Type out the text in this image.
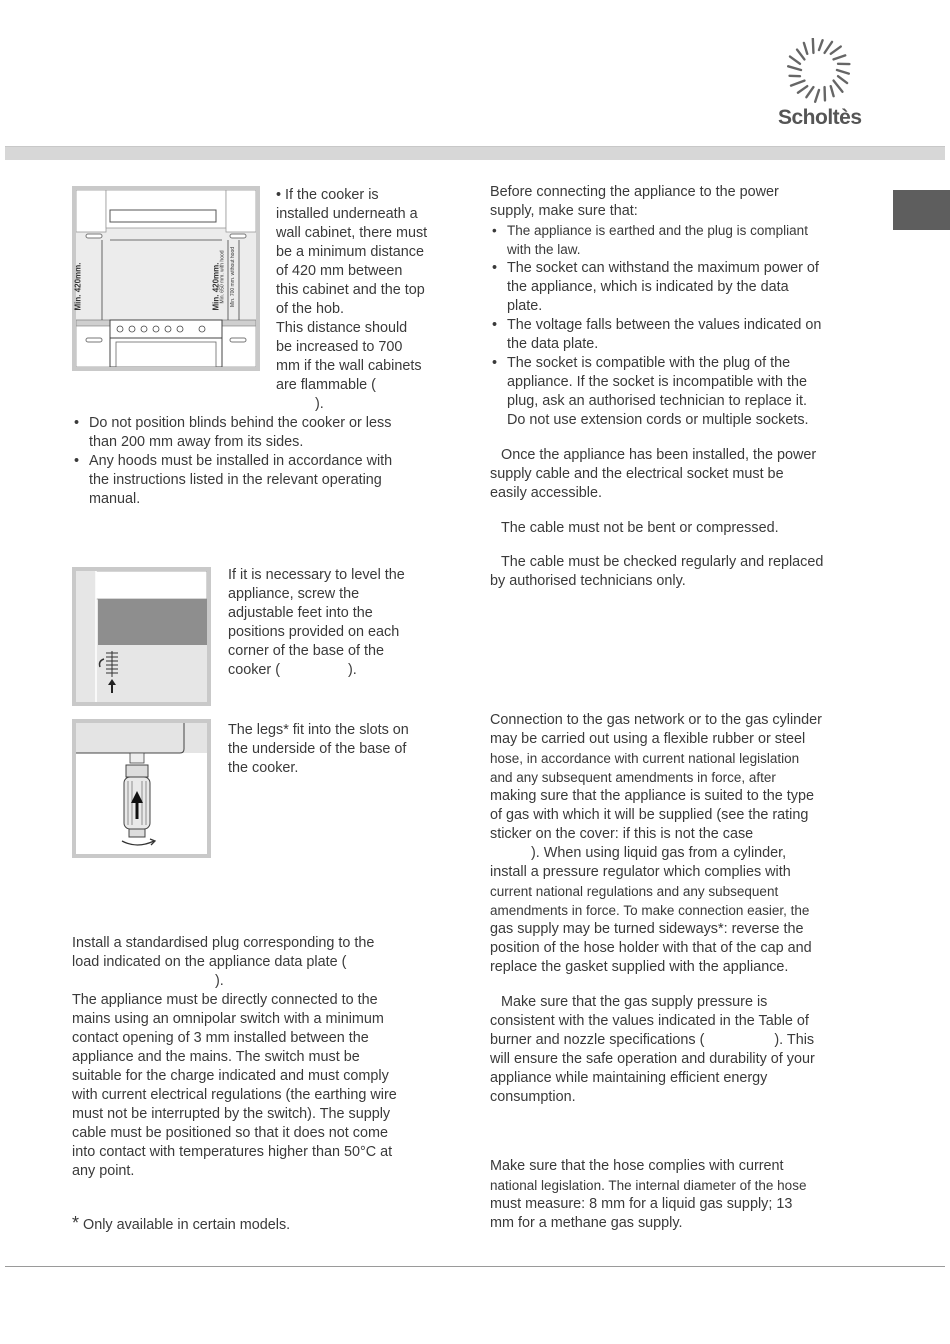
Scholtès
Min. 420mm.	Min. 420mm. Min. 650 mm. with hood Min. 700 mm. without hood

• If the cooker is

installed underneath a

wall cabinet, there must

be a minimum distance

of 420 mm between

this cabinet and the top

of the hob.

This distance should

be increased to 700

mm if the wall cabinets

are flammable (

).

• Do not position blinds behind the cooker or less

than 200 mm away from its sides.

• Any hoods must be installed in accordance with

the instructions listed in the relevant operating

manual.

If it is necessary to level the

appliance, screw the

adjustable feet into the

positions provided on each

corner of the base of the

cooker (	).

The legs* fit into the slots on

the underside of the base of

the cooker.

Install a standardised plug corresponding to the

load indicated on the appliance data plate (

).

The appliance must be directly connected to the

mains using an omnipolar switch with a minimum

contact opening of 3 mm installed between the

appliance and the mains. The switch must be

suitable for the charge indicated and must comply

with current electrical regulations (the earthing wire

must not be interrupted by the switch). The supply

cable must be positioned so that it does not come

into contact with temperatures higher than 50°C at

any point.

* Only available in certain models.

Before connecting the appliance to the power

supply, make sure that:

• The appliance is earthed and the plug is compliant

with the law.

• The socket can withstand the maximum power of

the appliance, which is indicated by the data

plate.

• The voltage falls between the values indicated on

the data plate.

• The socket is compatible with the plug of the

appliance. If the socket is incompatible with the

plug, ask an authorised technician to replace it.

Do not use extension cords or multiple sockets.

Once the appliance has been installed, the power

supply cable and the electrical socket must be

easily accessible.

The cable must not be bent or compressed.

The cable must be checked regularly and replaced

by authorised technicians only.

Connection to the gas network or to the gas cylinder

may be carried out using a flexible rubber or steel

hose, in accordance with current national legislation

and any subsequent amendments in force, after

making sure that the appliance is suited to the type

of gas with which it will be supplied (see the rating

sticker on the cover: if this is not the case

). When using liquid gas from a cylinder,

install a pressure regulator which complies with

current national regulations and any subsequent

amendments in force. To make connection easier, the

gas supply may be turned sideways*: reverse the

position of the hose holder with that of the cap and

replace the gasket supplied with the appliance.

Make sure that the gas supply pressure is

consistent with the values indicated in the Table of

burner and nozzle specifications (	). This

will ensure the safe operation and durability of your

appliance while maintaining efficient energy

consumption.

Make sure that the hose complies with current

national legislation. The internal diameter of the hose

must measure: 8 mm for a liquid gas supply; 13

mm for a methane gas supply.
